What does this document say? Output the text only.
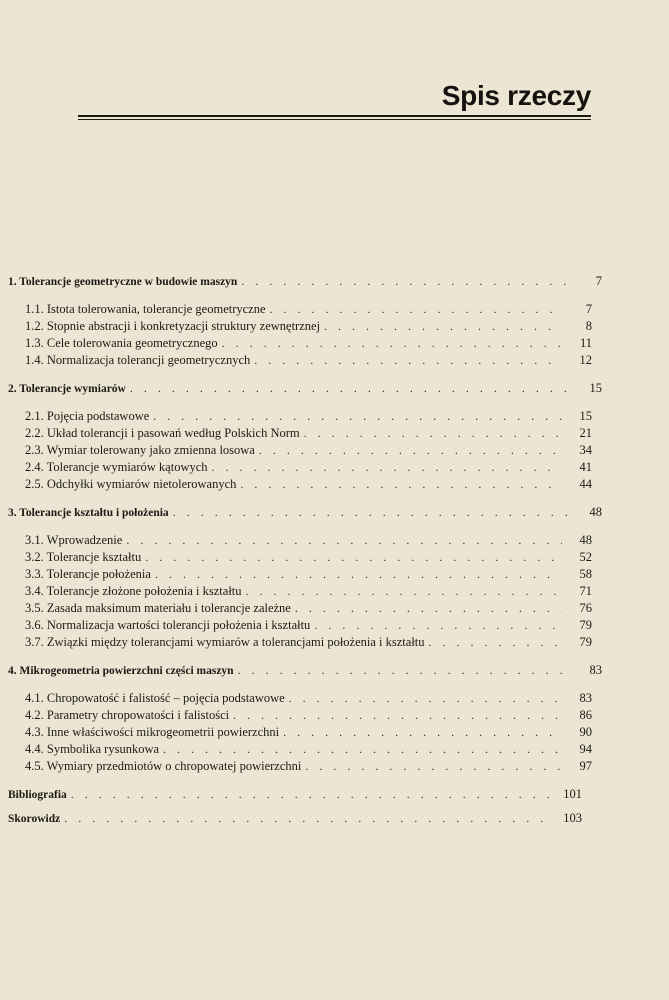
Spis rzeczy
1. Tolerancje geometryczne w budowie maszyn . . .	7
1.1. Istota tolerowania, tolerancje geometryczne . . .	7
1.2. Stopnie abstracji i konkretyzacji struktury zewnętrznej . . .	8
1.3. Cele tolerowania geometrycznego . . .	11
1.4. Normalizacja tolerancji geometrycznych . . .	12
2. Tolerancje wymiarów . . .	15
2.1. Pojęcia podstawowe . . .	15
2.2. Układ tolerancji i pasowań według Polskich Norm . . .	21
2.3. Wymiar tolerowany jako zmienna losowa . . .	34
2.4. Tolerancje wymiarów kątowych . . .	41
2.5. Odchyłki wymiarów nietolerowanych . . .	44
3. Tolerancje kształtu i położenia . . .	48
3.1. Wprowadzenie . . .	48
3.2. Tolerancje kształtu . . .	52
3.3. Tolerancje położenia . . .	58
3.4. Tolerancje złożone położenia i kształtu . . .	71
3.5. Zasada maksimum materiału i tolerancje zależne . . .	76
3.6. Normalizacja wartości tolerancji położenia i kształtu . . .	79
3.7. Związki między tolerancjami wymiarów a tolerancjami położenia i kształtu . . .	79
4. Mikrogeometria powierzchni części maszyn . . .	83
4.1. Chropowatość i falistość – pojęcia podstawowe . . .	83
4.2. Parametry chropowatości i falistości . . .	86
4.3. Inne właściwości mikrogeometrii powierzchni . . .	90
4.4. Symbolika rysunkowa . . .	94
4.5. Wymiary przedmiotów o chropowatej powierzchni . . .	97
Bibliografia . . .	101
Skorowidz . . .	103
